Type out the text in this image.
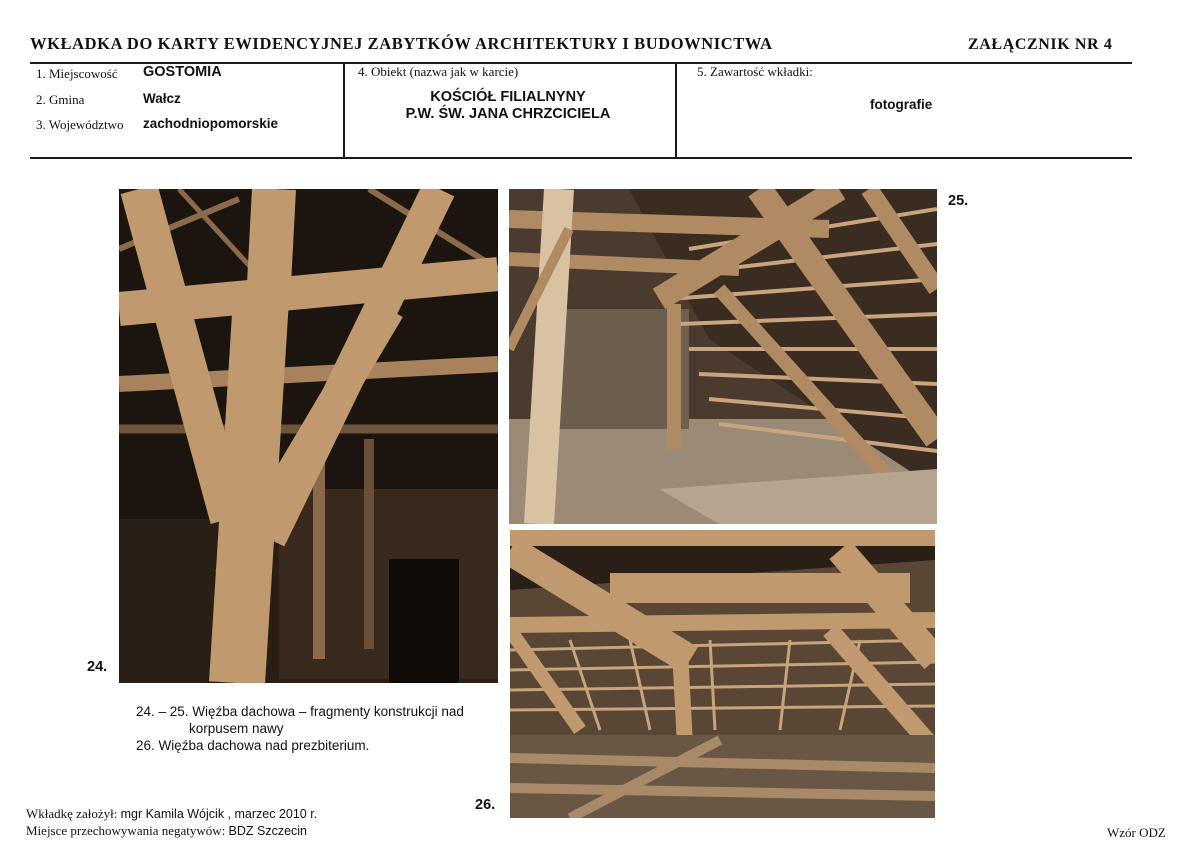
WKŁADKA DO KARTY EWIDENCYJNEJ ZABYTKÓW ARCHITEKTURY I BUDOWNICTWA	ZAŁĄCZNIK NR 4
1. Miejscowość GOSTOMIA
2. Gmina	Wałcz
3. Województwo zachodniopomorskie
4. Obiekt (nazwa jak w karcie)
KOŚCIÓŁ FILIALNYNY
P.W. ŚW. JANA CHRZCICIELA
5. Zawartość wkładki:
fotografie
24.
25.
26.
24. – 25. Więźba dachowa – fragmenty konstrukcji nad
korpusem nawy
26. Więźba dachowa nad prezbiterium.
Wkładkę założył: mgr Kamila Wójcik , marzec 2010 r.
Miejsce przechowywania negatywów: BDZ Szczecin	Wzór ODZ
